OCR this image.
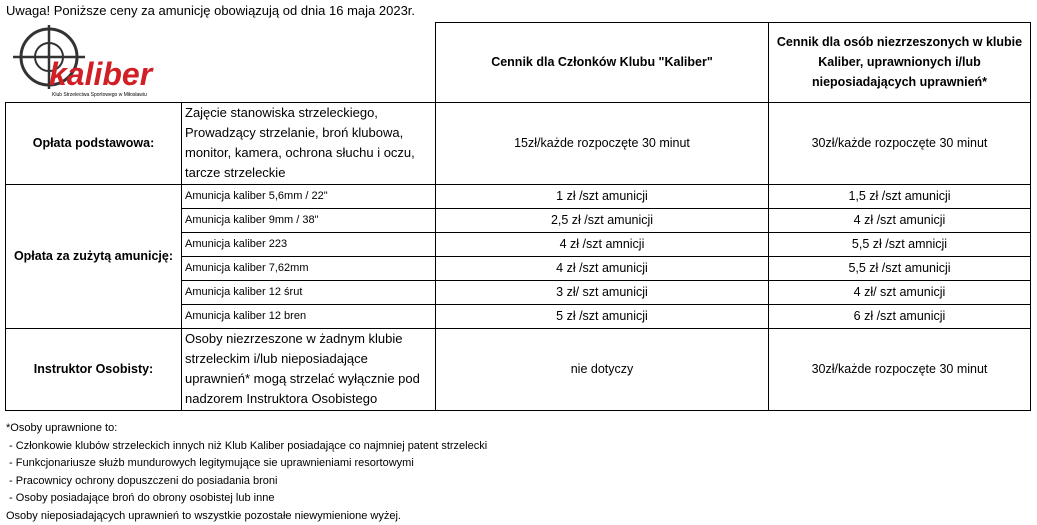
Uwaga! Poniższe ceny za amunicję obowiązują od dnia 16 maja 2023r.
kaliber
Klub Strzelectwa Sportowego w Miłosławiu		Cennik dla Członków Klubu "Kaliber"	Cennik dla osób niezrzeszonych w klubie Kaliber, uprawnionych i/lub nieposiadających uprawnień*
Opłata podstawowa:	Zajęcie stanowiska strzeleckiego, Prowadzący strzelanie, broń klubowa, monitor, kamera, ochrona słuchu i oczu, tarcze strzeleckie	15zł/każde rozpoczęte 30 minut	30zł/każde rozpoczęte 30 minut
Opłata za zużytą amunicję:	Amunicja kaliber 5,6mm / 22"	1 zł /szt amunicji	1,5 zł /szt amunicji
	Amunicja kaliber 9mm / 38"	2,5 zł /szt amunicji	4 zł /szt amunicji
	Amunicja kaliber 223	4 zł /szt amnicji	5,5 zł /szt amnicji
	Amunicja kaliber 7,62mm	4 zł /szt amunicji	5,5 zł /szt amunicji
	Amunicja kaliber 12 śrut	3 zł/ szt amunicji	4 zł/ szt amunicji
	Amunicja kaliber 12 bren	5 zł /szt amunicji	6 zł /szt amunicji
Instruktor Osobisty:	Osoby niezrzeszone w żadnym klubie strzeleckim i/lub nieposiadające uprawnień* mogą strzelać wyłącznie pod nadzorem Instruktora Osobistego	nie dotyczy	30zł/każde rozpoczęte 30 minut
*Osoby uprawnione to:
- Członkowie klubów strzeleckich innych niż Klub Kaliber posiadające co najmniej patent strzelecki
- Funkcjonariusze służb mundurowych legitymujące sie uprawnieniami resortowymi
- Pracownicy ochrony dopuszczeni do posiadania broni
- Osoby posiadające broń do obrony osobistej lub inne
Osoby nieposiadających uprawnień to wszystkie pozostałe niewymienione wyżej.
